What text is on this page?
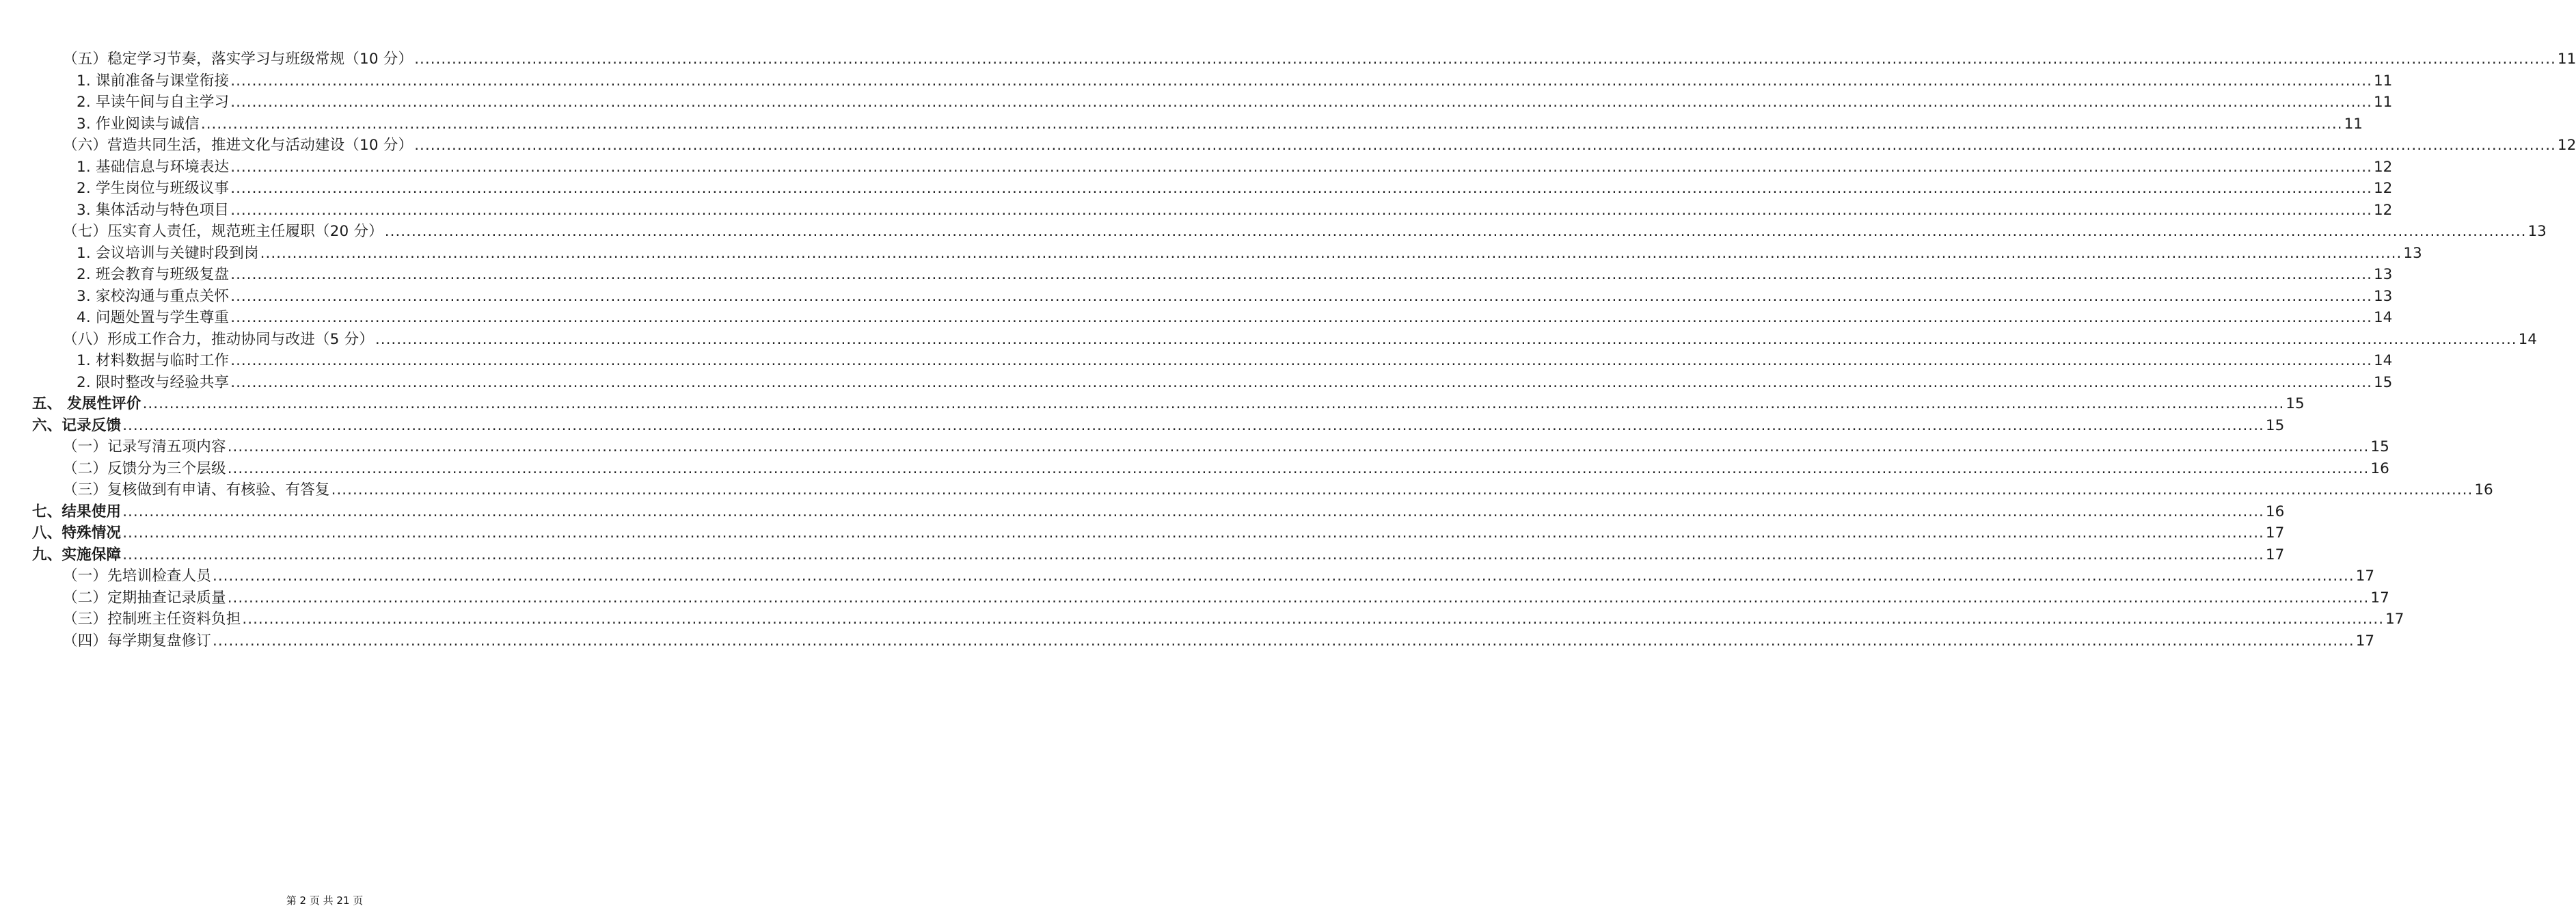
（五）稳定学习节奏，落实学习与班级常规（10 分） ................................................................................................................................................................................................................................................................................................................................................................................................................ 11
1. 课前准备与课堂衔接 ................................................................................................................................................................................................................................................................................................................................................................................................................ 11
2. 早读午间与自主学习 ................................................................................................................................................................................................................................................................................................................................................................................................................ 11
3. 作业阅读与诚信 ................................................................................................................................................................................................................................................................................................................................................................................................................ 11
（六）营造共同生活，推进文化与活动建设（10 分） ................................................................................................................................................................................................................................................................................................................................................................................................................ 12
1. 基础信息与环境表达 ................................................................................................................................................................................................................................................................................................................................................................................................................ 12
2. 学生岗位与班级议事 ................................................................................................................................................................................................................................................................................................................................................................................................................ 12
3. 集体活动与特色项目 ................................................................................................................................................................................................................................................................................................................................................................................................................ 12
（七）压实育人责任，规范班主任履职（20 分） ................................................................................................................................................................................................................................................................................................................................................................................................................ 13
1. 会议培训与关键时段到岗 ................................................................................................................................................................................................................................................................................................................................................................................................................ 13
2. 班会教育与班级复盘 ................................................................................................................................................................................................................................................................................................................................................................................................................ 13
3. 家校沟通与重点关怀 ................................................................................................................................................................................................................................................................................................................................................................................................................ 13
4. 问题处置与学生尊重 ................................................................................................................................................................................................................................................................................................................................................................................................................ 14
（八）形成工作合力，推动协同与改进（5 分） ................................................................................................................................................................................................................................................................................................................................................................................................................ 14
1. 材料数据与临时工作 ................................................................................................................................................................................................................................................................................................................................................................................................................ 14
2. 限时整改与经验共享 ................................................................................................................................................................................................................................................................................................................................................................................................................ 15
五、 发展性评价 ................................................................................................................................................................................................................................................................................................................................................................................................................ 15
六、记录反馈 ................................................................................................................................................................................................................................................................................................................................................................................................................ 15
（一）记录写清五项内容 ................................................................................................................................................................................................................................................................................................................................................................................................................ 15
（二）反馈分为三个层级 ................................................................................................................................................................................................................................................................................................................................................................................................................ 16
（三）复核做到有申请、有核验、有答复 ................................................................................................................................................................................................................................................................................................................................................................................................................ 16
七、结果使用 ................................................................................................................................................................................................................................................................................................................................................................................................................ 16
八、特殊情况 ................................................................................................................................................................................................................................................................................................................................................................................................................ 17
九、实施保障 ................................................................................................................................................................................................................................................................................................................................................................................................................ 17
（一）先培训检查人员 ................................................................................................................................................................................................................................................................................................................................................................................................................ 17
（二）定期抽查记录质量 ................................................................................................................................................................................................................................................................................................................................................................................................................ 17
（三）控制班主任资料负担 ................................................................................................................................................................................................................................................................................................................................................................................................................ 17
（四）每学期复盘修订 ................................................................................................................................................................................................................................................................................................................................................................................................................ 17
第 2 页 共 21 页
